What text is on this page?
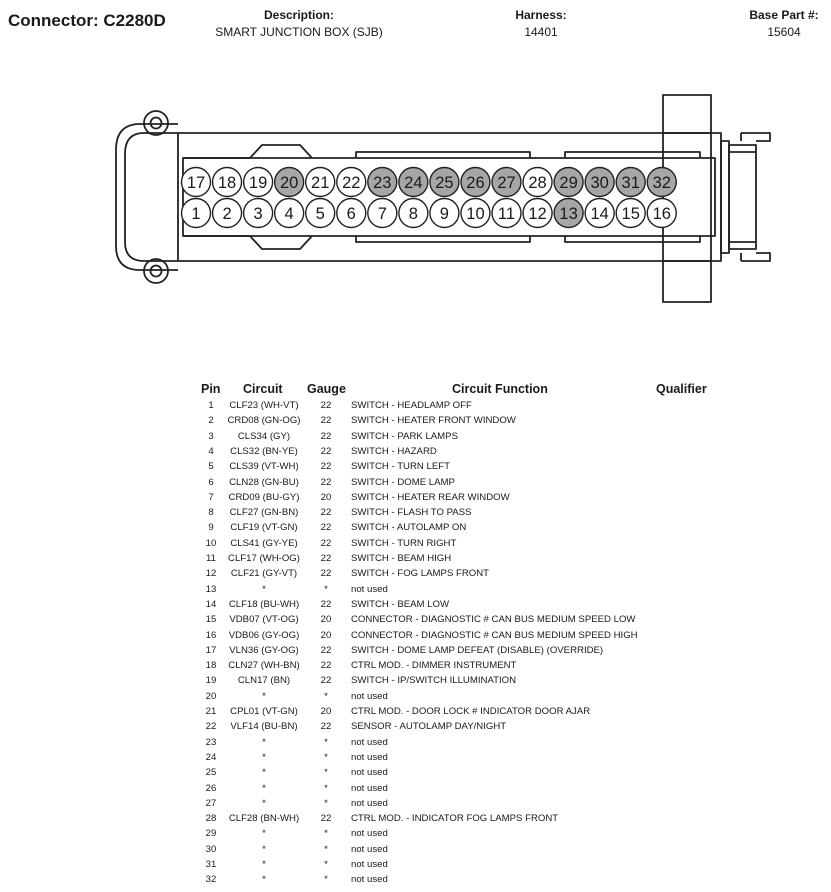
Connector: C2280D	Description:
SMART JUNCTION BOX (SJB)
Harness:
14401
Base Part #:
15604
17 18 19 20 21 22 23 24 25 26 27 28 29 30 31 32
1 2 3 4 5 6 7 8 9 10 11 12 13 14 15 16
Pin Circuit Gauge	Circuit Function	Qualifier
1	CLF23 (WH-VT)	22	SWITCH - HEADLAMP OFF
2	CRD08 (GN-OG)	22	SWITCH - HEATER FRONT WINDOW
3	CLS34 (GY)	22	SWITCH - PARK LAMPS
4	CLS32 (BN-YE)	22	SWITCH - HAZARD
5	CLS39 (VT-WH)	22	SWITCH - TURN LEFT
6	CLN28 (GN-BU)	22	SWITCH - DOME LAMP
7	CRD09 (BU-GY)	20	SWITCH - HEATER REAR WINDOW
8	CLF27 (GN-BN)	22	SWITCH - FLASH TO PASS
9	CLF19 (VT-GN)	22	SWITCH - AUTOLAMP ON
10	CLS41 (GY-YE)	22	SWITCH - TURN RIGHT
11	CLF17 (WH-OG)	22	SWITCH - BEAM HIGH
12	CLF21 (GY-VT)	22	SWITCH - FOG LAMPS FRONT
13	*	*	not used
14	CLF18 (BU-WH)	22	SWITCH - BEAM LOW
15	VDB07 (VT-OG)	20	CONNECTOR - DIAGNOSTIC # CAN BUS MEDIUM SPEED LOW
16	VDB06 (GY-OG)	20	CONNECTOR - DIAGNOSTIC # CAN BUS MEDIUM SPEED HIGH
17	VLN36 (GY-OG)	22	SWITCH - DOME LAMP DEFEAT (DISABLE) (OVERRIDE)
18	CLN27 (WH-BN)	22	CTRL MOD. - DIMMER INSTRUMENT
19	CLN17 (BN)	22	SWITCH - IP/SWITCH ILLUMINATION
20	*	*	not used
21	CPL01 (VT-GN)	20	CTRL MOD. - DOOR LOCK # INDICATOR DOOR AJAR
22	VLF14 (BU-BN)	22	SENSOR - AUTOLAMP DAY/NIGHT
23	*	*	not used
24	*	*	not used
25	*	*	not used
26	*	*	not used
27	*	*	not used
28	CLF28 (BN-WH)	22	CTRL MOD. - INDICATOR FOG LAMPS FRONT
29	*	*	not used
30	*	*	not used
31	*	*	not used
32	*	*	not used
